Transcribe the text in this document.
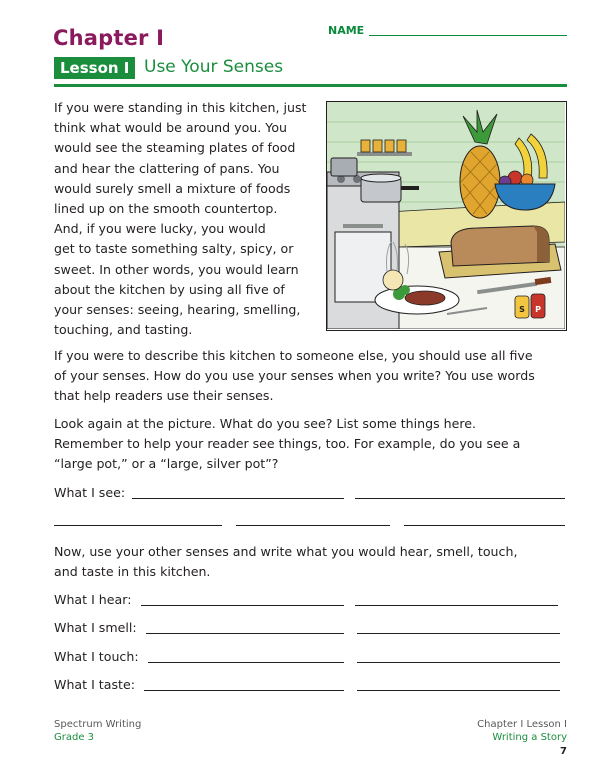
Chapter I	NAME
Lesson I Use Your Senses
If you were standing in this kitchen, just
think what would be around you. You
would see the steaming plates of food
and hear the clattering of pans. You
would surely smell a mixture of foods
lined up on the smooth countertop.
And, if you were lucky, you would
get to taste something salty, spicy, or
sweet. In other words, you would learn
about the kitchen by using all five of
your senses: seeing, hearing, smelling,
touching, and tasting.
S P
If you were to describe this kitchen to someone else, you should use all five
of your senses. How do you use your senses when you write? You use words
that help readers use their senses.
Look again at the picture. What do you see? List some things here.
Remember to help your reader see things, too. For example, do you see a
“large pot,” or a “large, silver pot”?
What I see:
Now, use your other senses and write what you would hear, smell, touch,
and taste in this kitchen.
What I hear:
What I smell:
What I touch:
What I taste:
Spectrum Writing
Grade 3
Chapter I Lesson I
Writing a Story
7
